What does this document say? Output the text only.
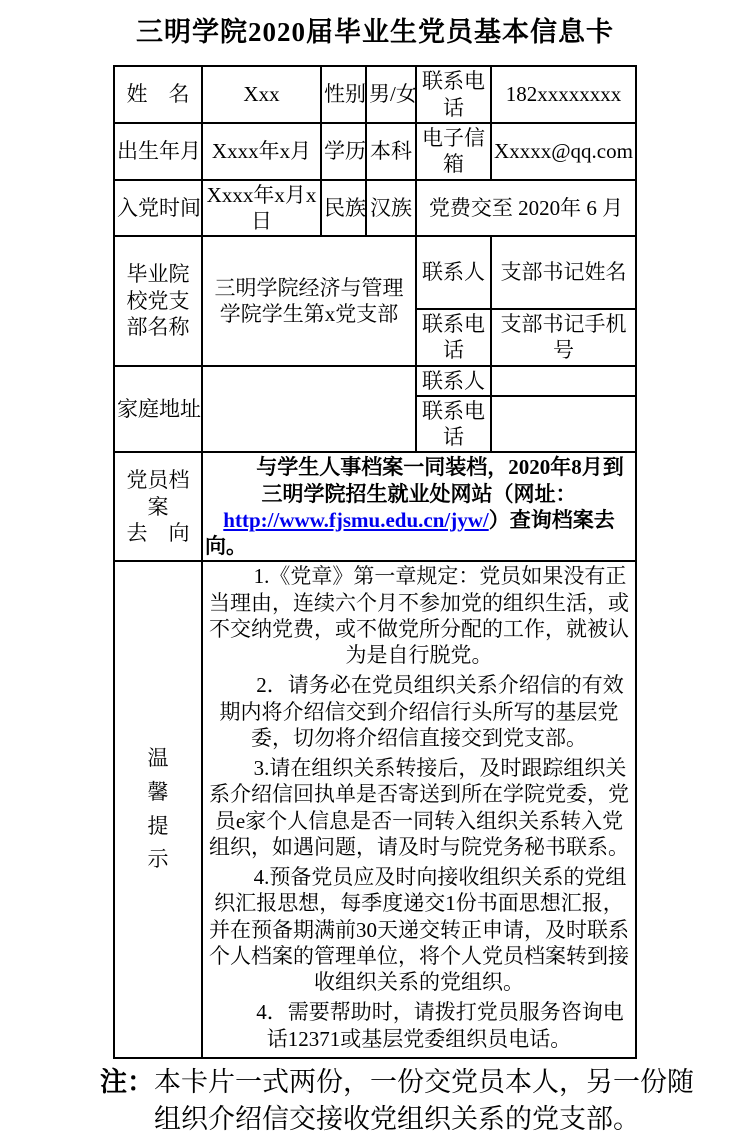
三明学院2020届毕业生党员基本信息卡
姓　名	Xxx	性别	男/女	联系电话	182xxxxxxxx
出生年月	Xxxx年x月	学历	本科	电子信箱	Xxxxx@qq.com
入党时间	Xxxx年x月x日	民族	汉族	党费交至 2020年 6 月	
毕业院校党支部名称	三明学院经济与管理学院学生第x党支部			联系人	支部书记姓名
				联系电话	支部书记手机号
家庭地址				联系人	
				联系电话	

党员档案
去　向	与学生人事档案一同装档，2020年8月到三明学院招生就业处网站（网址：http://www.fjsmu.edu.cn/jyw/）查询档案去向。				

温馨提示	1.《党章》第一章规定：党员如果没有正当理由，连续六个月不参加党的组织生活，或不交纳党费，或不做党所分配的工作，就被认为是自行脱党。

2．请务必在党员组织关系介绍信的有效期内将介绍信交到介绍信行头所写的基层党委，切勿将介绍信直接交到党支部。

3.请在组织关系转接后，及时跟踪组织关系介绍信回执单是否寄送到所在学院党委，党员e家个人信息是否一同转入组织关系转入党组织，如遇问题，请及时与院党务秘书联系。

4.预备党员应及时向接收组织关系的党组织汇报思想，每季度递交1份书面思想汇报，并在预备期满前30天递交转正申请，及时联系个人档案的管理单位，将个人党员档案转到接收组织关系的党组织。

4．需要帮助时，请拨打党员服务咨询电话12371或基层党委组织员电话。				

注：本卡片一式两份，一份交党员本人，另一份随组织介绍信交接收党组织关系的党支部。
